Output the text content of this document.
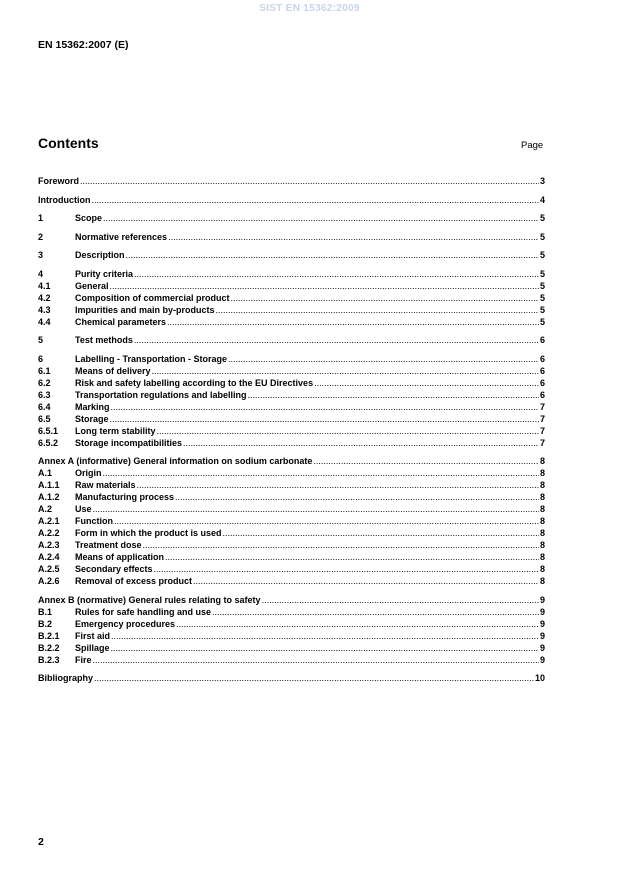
SIST EN 15362:2009
EN 15362:2007 (E)
Contents	Page
Foreword .....	3
Introduction .....	4
1	Scope .....	5
2	Normative references .....	5
3	Description .....	5
4	Purity criteria .....	5
4.1	General .....	5
4.2	Composition of commercial product .....	5
4.3	Impurities and main by-products .....	5
4.4	Chemical parameters .....	5
5	Test methods .....	6
6	Labelling - Transportation - Storage .....	6
6.1	Means of delivery .....	6
6.2	Risk and safety labelling according to the EU Directives .....	6
6.3	Transportation regulations and labelling .....	6
6.4	Marking .....	7
6.5	Storage .....	7
6.5.1	Long term stability .....	7
6.5.2	Storage incompatibilities .....	7
Annex A (informative) General information on sodium carbonate .....	8
A.1	Origin .....	8
A.1.1	Raw materials .....	8
A.1.2	Manufacturing process .....	8
A.2	Use .....	8
A.2.1	Function .....	8
A.2.2	Form in which the product is used .....	8
A.2.3	Treatment dose .....	8
A.2.4	Means of application .....	8
A.2.5	Secondary effects .....	8
A.2.6	Removal of excess product .....	8
Annex B (normative) General rules relating to safety .....	9
B.1	Rules for safe handling and use .....	9
B.2	Emergency procedures .....	9
B.2.1	First aid .....	9
B.2.2	Spillage .....	9
B.2.3	Fire .....	9
Bibliography .....	10
2
